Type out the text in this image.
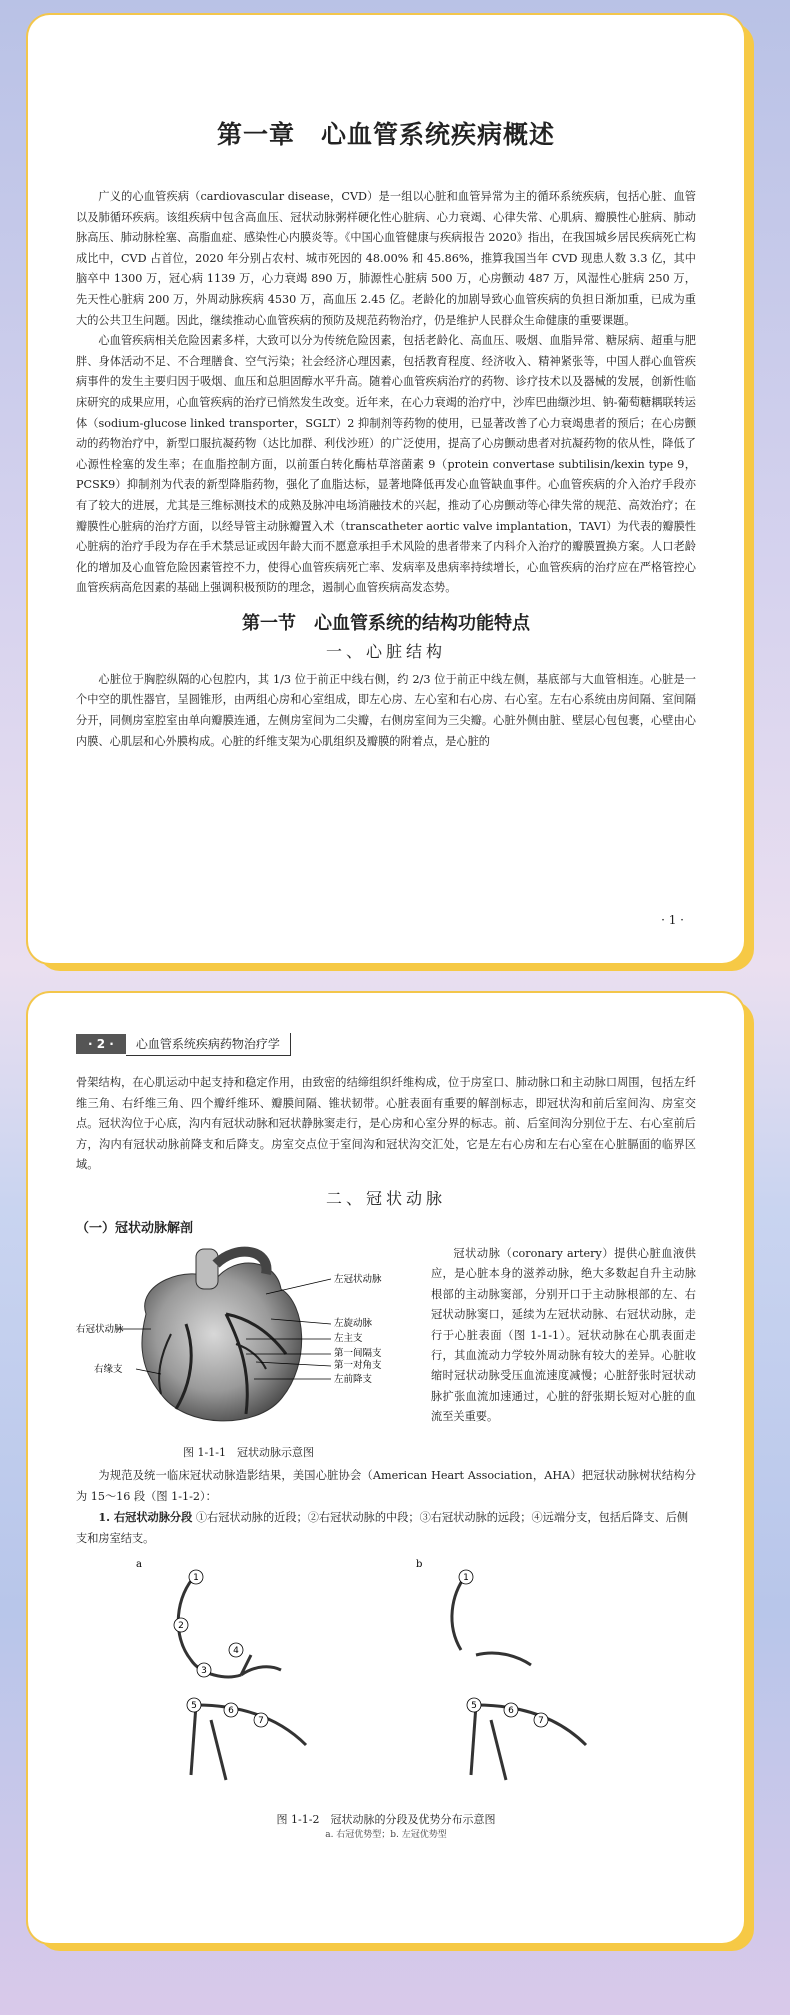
第一章　心血管系统疾病概述

广义的心血管疾病（cardiovascular disease，CVD）是一组以心脏和血管异常为主的循环系统疾病，包括心脏、血管以及肺循环疾病。该组疾病中包含高血压、冠状动脉粥样硬化性心脏病、心力衰竭、心律失常、心肌病、瓣膜性心脏病、肺动脉高压、肺动脉栓塞、高脂血症、感染性心内膜炎等。《中国心血管健康与疾病报告 2020》指出，在我国城乡居民疾病死亡构成比中，CVD 占首位，2020 年分别占农村、城市死因的 48.00% 和 45.86%，推算我国当年 CVD 现患人数 3.3 亿，其中脑卒中 1300 万，冠心病 1139 万，心力衰竭 890 万，肺源性心脏病 500 万，心房颤动 487 万，风湿性心脏病 250 万，先天性心脏病 200 万，外周动脉疾病 4530 万，高血压 2.45 亿。老龄化的加剧导致心血管疾病的负担日渐加重，已成为重大的公共卫生问题。因此，继续推动心血管疾病的预防及规范药物治疗，仍是维护人民群众生命健康的重要课题。

心血管疾病相关危险因素多样，大致可以分为传统危险因素，包括老龄化、高血压、吸烟、血脂异常、糖尿病、超重与肥胖、身体活动不足、不合理膳食、空气污染；社会经济心理因素，包括教育程度、经济收入、精神紧张等，中国人群心血管疾病事件的发生主要归因于吸烟、血压和总胆固醇水平升高。随着心血管疾病治疗的药物、诊疗技术以及器械的发展，创新性临床研究的成果应用，心血管疾病的治疗已悄然发生改变。近年来，在心力衰竭的治疗中，沙库巴曲缬沙坦、钠-葡萄糖耦联转运体（sodium-glucose linked transporter，SGLT）2 抑制剂等药物的使用，已显著改善了心力衰竭患者的预后；在心房颤动的药物治疗中，新型口服抗凝药物（达比加群、利伐沙班）的广泛使用，提高了心房颤动患者对抗凝药物的依从性，降低了心源性栓塞的发生率；在血脂控制方面，以前蛋白转化酶枯草溶菌素 9（protein convertase subtilisin/kexin type 9，PCSK9）抑制剂为代表的新型降脂药物，强化了血脂达标，显著地降低再发心血管缺血事件。心血管疾病的介入治疗手段亦有了较大的进展，尤其是三维标测技术的成熟及脉冲电场消融技术的兴起，推动了心房颤动等心律失常的规范、高效治疗；在瓣膜性心脏病的治疗方面，以经导管主动脉瓣置入术（transcatheter aortic valve implantation，TAVI）为代表的瓣膜性心脏病的治疗手段为存在手术禁忌证或因年龄大而不愿意承担手术风险的患者带来了内科介入治疗的瓣膜置换方案。人口老龄化的增加及心血管危险因素管控不力，使得心血管疾病死亡率、发病率及患病率持续增长，心血管疾病的治疗应在严格管控心血管疾病高危因素的基础上强调积极预防的理念，遏制心血管疾病高发态势。

第一节　心血管系统的结构功能特点
一、心脏结构

心脏位于胸腔纵隔的心包腔内，其 1/3 位于前正中线右侧，约 2/3 位于前正中线左侧，基底部与大血管相连。心脏是一个中空的肌性器官，呈圆锥形，由两组心房和心室组成，即左心房、左心室和右心房、右心室。左右心系统由房间隔、室间隔分开，同侧房室腔室由单向瓣膜连通，左侧房室间为二尖瓣，右侧房室间为三尖瓣。心脏外侧由脏、壁层心包包裹，心壁由心内膜、心肌层和心外膜构成。心脏的纤维支架为心肌组织及瓣膜的附着点，是心脏的

· 1 ·
· 2 ·	心血管系统疾病药物治疗学

骨架结构，在心肌运动中起支持和稳定作用，由致密的结缔组织纤维构成，位于房室口、肺动脉口和主动脉口周围，包括左纤维三角、右纤维三角、四个瓣纤维环、瓣膜间隔、锥状韧带。心脏表面有重要的解剖标志，即冠状沟和前后室间沟、房室交点。冠状沟位于心底，沟内有冠状动脉和冠状静脉窦走行，是心房和心室分界的标志。前、后室间沟分别位于左、右心室前后方，沟内有冠状动脉前降支和后降支。房室交点位于室间沟和冠状沟交汇处，它是左右心房和左右心室在心脏膈面的临界区域。

二、冠状动脉
（一）冠状动脉解剖
左冠状动脉
左旋动脉
左主支
第一间隔支
第一对角支
左前降支
右冠状动脉
右缘支
图 1-1-1　冠状动脉示意图

冠状动脉（coronary artery）提供心脏血液供应，是心脏本身的滋养动脉，绝大多数起自升主动脉根部的主动脉窦部，分别开口于主动脉根部的左、右冠状动脉窦口，延续为左冠状动脉、右冠状动脉，走行于心脏表面（图 1-1-1）。冠状动脉在心肌表面走行，其血流动力学较外周动脉有较大的差异。心脏收缩时冠状动脉受压血流速度减慢；心脏舒张时冠状动脉扩张血流加速通过，心脏的舒张期长短对心脏的血流至关重要。

为规范及统一临床冠状动脉造影结果，美国心脏协会（American Heart Association，AHA）把冠状动脉树状结构分为 15～16 段（图 1-1-2）：

1. 右冠状动脉分段 ①右冠状动脉的近段；②右冠状动脉的中段；③右冠状动脉的远段；④远端分支，包括后降支、后侧支和房室结支。

a	b
1
2
3
4
1
5	6
7
5	6
7
图 1-1-2　冠状动脉的分段及优势分布示意图
a. 右冠优势型；b. 左冠优势型
